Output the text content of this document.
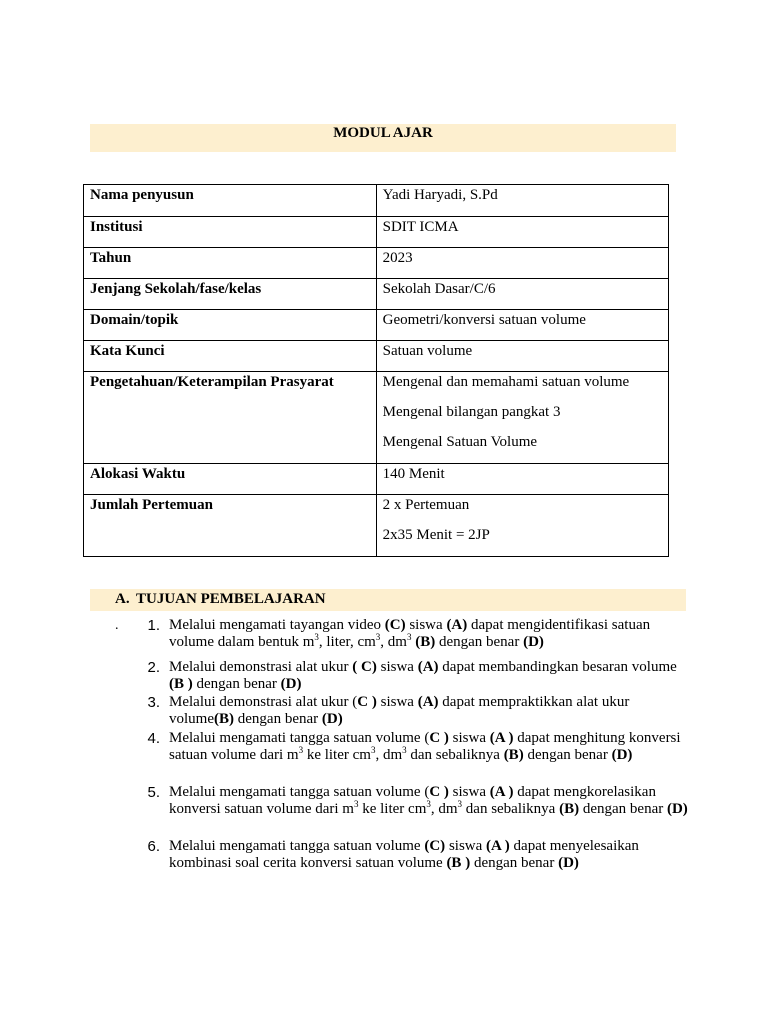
MODUL AJAR
Nama penyusun	Yadi Haryadi, S.Pd

Institusi	SDIT ICMA

Tahun	2023

Jenjang Sekolah/fase/kelas	Sekolah Dasar/C/6

Domain/topik	Geometri/konversi satuan volume

Kata Kunci	Satuan volume

Pengetahuan/Keterampilan Prasyarat	Mengenal dan memahami satuan volume

Mengenal bilangan pangkat 3

Mengenal Satuan Volume

Alokasi Waktu	140 Menit

Jumlah Pertemuan	2 x Pertemuan

2x35 Menit = 2JP

A. TUJUAN PEMBELAJARAN
.	1. Melalui mengamati tayangan video (C) siswa (A) dapat mengidentifikasi satuan volume dalam bentuk $m^3$, liter, $cm^3$, $dm^3$ (B) dengan benar (D)
2. Melalui demonstrasi alat ukur ( C) siswa (A) dapat membandingkan besaran volume (B ) dengan benar (D)
3. Melalui demonstrasi alat ukur (C ) siswa (A) dapat mempraktikkan alat ukur volume(B) dengan benar (D)
4. Melalui mengamati tangga satuan volume (C ) siswa (A ) dapat menghitung konversi satuan volume dari $m^3$ ke liter $cm^3$, $dm^3$ dan sebaliknya (B) dengan benar (D)
5. Melalui mengamati tangga satuan volume (C ) siswa (A ) dapat mengkorelasikan konversi satuan volume dari $m^3$ ke liter $cm^3$, $dm^3$ dan sebaliknya (B) dengan benar (D)
6. Melalui mengamati tangga satuan volume (C) siswa (A ) dapat menyelesaikan kombinasi soal cerita konversi satuan volume (B ) dengan benar (D)
